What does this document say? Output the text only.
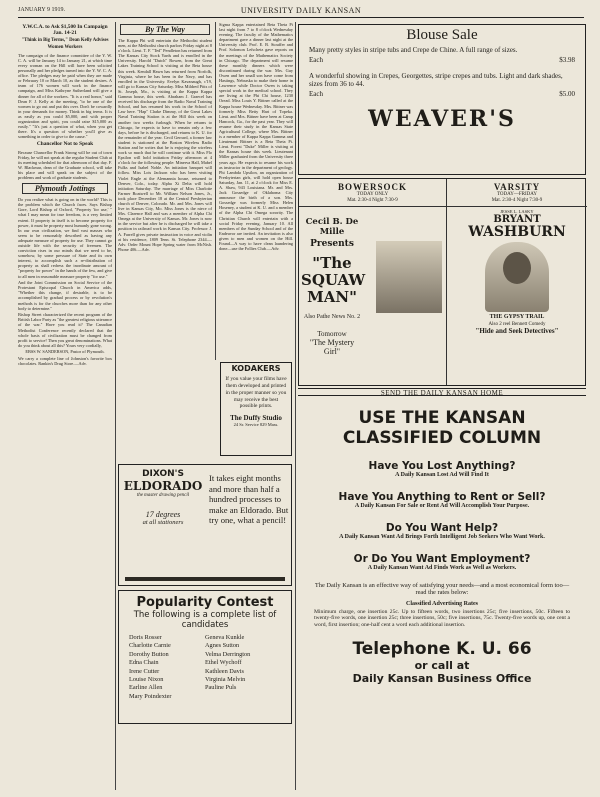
JANUARY 9 1919.	UNIVERSITY DAILY KANSAN
Y.W.C.A. to Ask $1,500 In Campaign Jan. 14-21
"Think in Big Terms," Dean Kelly Advises Women Workers

The campaign of the finance committee of the Y. W. C. A. will be January 14 to January 21, at which time every woman on the Hill will have been solicited personally and her pledges turned into the Y. W. C. A. office. The pledges may be paid when they are made or February 10 or March 10, as the student desires. A team of 176 women will work in the finance campaign, and Miss Kathryne Sutherland will give a dinner for all of the workers. "It is a real honor," said Dean F. J. Kelly at the meeting, "to be one of the women to go out and put this over. Don't be cowardly in your demands for money. Think in big terms. It is as easily as you could $5,000, and with proper organization and spirit, you could raise $15,000 as easily." "It's just a question of what, when you get there. It's a question of whether you'll give as something in order to give to the cause."

Chancellor Not to Speak

Because Chancellor Frank Strong will be out of town Friday, he will not speak at the regular Student Club at its meeting scheduled for that afternoon of that day. F. W. Blackmar, dean of the Graduate school, will take his place and will speak on the subject of the problems and work of graduate students.

Plymouth Jottings

Do you realize what is going on in the world? This is the problem which the Church faces. Says Bishop Gore, Lord Bishop of Oxford, "Property 'for use,' " what I may mean for true freedom, is a very limited extent. If property in itself is to become property for power, it must be property most humanly gone wrong. In our own civilization, we find vast masses who seem to be reasonably described as having any adequate measure of property for use. They cannot go outside life with the security of freemen. The conviction rises in our minds that we need to be, somehow, by some pressure of State and its own interest, to accomplish such a re-distribution of property as shall redress the inordinate amount of "property for power" in the hands of the few, and give to all men in reasonable measure property "for use."

And the Joint Commission on Social Service of the Protestant Episcopal Church in America adds, "Whether this change, if desirable, is to be accomplished by gradual process or by revolution's methods is for the churches more than for any other body to determine."

Bishop Street characterized the recent program of the British Labor Party as "the greatest religious utterance of the war." Have you read it? The Canadian Methodist Conference recently declared that the whole basis of civilization must be changed from profit to service! Then you great denominations. What do you think about all this? Yours very cordially,

EBSS W. SANDERSON, Pastor of Plymouth.

We carry a complete line of Johnston's favorite box chocolates. Rankin's Drug Store.—Adv.

By The Way

The Kappa Phi will entertain the Methodist student men, at the Methodist church parlors Friday night at 8 o'clock. Lieut. T. F. "Ted" Pendleton has returned from The Kansas City Stock Yards and is enrolled in the University. Harold "Dutch" Bowen, from the Great Lakes Training School is visiting at the Beta house this week. Kendall Hawn has returned from Norfolk, Virginia, where he has been in the Navy, and has enrolled in the University. Evelyn Kavanaugh, c'19, will go to Kansas City Saturday. Miss Mildred Pitts of St. Joseph, Mo., is visiting at the Kappa Kappa Gamma house, this week. Abraham J. Graecel has received his discharge from the Radio Naval Training School, and has resumed his work in the School of Law here. "Hap" Clarke Dimmy, of the Great Lakes Naval Training Station is at the Hill this week on another two weeks furlough. When he returns to Chicago, he expects to have to remain only a few days, before he is discharged, and returns to K. U. for the remainder of the year. Cecil Gerrard, a former law student is stationed at the Boston Wireless Radio Station and he writes that he is enjoying the wireless work so much that he will continue with it. Miss Flo Epsilon will hold initiation Friday afternoon at 4 o'clock for the following people: Minerva Hall, Mabel Fulks and Isabel Noble. An initiation banquet will follow. Miss Lois Jackson who has been visiting Violet Engle at the Alemannia house, returned to Denver, Colo., today. Alpha Xi Delta will hold initiation Saturday. The marriage of Miss Charlotte Farmer Boatwell to Mr. William Nelson Jones, Jr., took place December 18 at the Central Presbyterian church of Denver, Colorado. Mr. and Mrs. Jones will live in Kansas City, Mo. Miss Jones is the niece of Mrs. Clarence Hall and was a member of Alpha Chi Omega at the University of Kansas. Mr. Jones is now in the service but after he is discharged he will take a position in railroad work in Kansas City. Professor J. A. Farrell gives private instruction in voice and violin at his residence, 1809 Tenn. St. Telephone 2344.—Adv. Order Mount Hope Spring water from McNish. Phone 406.—Adv.

Sigma Kappa entertained Beta Theta Pi last night from 7 to 8 o'clock Wednesday evening. The faculty of the Mathematics department gave a dinner last night at the University club. Prof. E. B. Stouffer and Prof. Solomon Lefschetz gave reports on the meetings of the Mathematics Society in Chicago. The department will resume these monthly dinners which were discontinued during the war. Mrs. Guy Owen and her small son have come from Hastings, Nebraska to make their home in Lawrence while Doctor Owen is taking special work in the medical school. They are living at the Phi Chi house, 1230 Oread. Miss Louis Y. Bittner called at the Kappa house Wednesday. Mrs. Bittner was formerly Miss Betty Hart of Topeka. Lieut. and Mrs. Bittner have been at Camp Hancock, Ga., for the past year. They will resume their study in the Kansas State Agricultural College, where Mrs. Bittner is a member of Kappa Kappa Gamma and Lieutenant Bittner is a Beta Theta Pi. Lieut. Forest "Duke" Miller is visiting at the Kansas house this week. Lieutenant Miller graduated from the University three years ago. He expects to resume his work as instructor in the department of geology. Phi Lambda Upsilon, an organization of Presbyterian girls, will hold open house Saturday, Jan. 11, at 2 o'clock for Miss E. A. Shaw, 943 Louisiana. Mr. and Mrs. Jack Gossedge of Oklahoma City announce the birth of a son. Mrs. Gossedge was formerly Miss Helen Hoseney, a student at K. U. and a member of the Alpha Chi Omega sorority. The Christian Church will entertain with a social Friday evening, January 10. All members of the Sunday School and of the Endeavor are invited. An invitation is also given to men and women on the Hill. Found—A way to have clean laundering done—use the Follies Club.—Adv.

KODAKERS
If you value your films have them developed and printed in the proper manner so you may receive the best possible prints.
The Duffy Studio
24 Sr. Service 829 Mass.
DIXON'S
ELDORADO
the master drawing pencil
17 degrees
at all stationers
It takes eight months and more than half a hundred processes to make an Eldorado. But try one, what a pencil!
Popularity Contest
The following is a complete list of candidates
Doris Rosser	Geneva Kunkle
Charlotte Carnie	Agnes Sutton
Dorothy Button	Velma Derrington
Edna Chain	Ethel Wychoff
Irene Cutter	Kathleen Davis
Louise Nixon	Virginia Melvin
Earline Allen	Pauline Puls
Mary Poindexter
Blouse Sale
Many pretty styles in stripe tubs and Crepe de Chine. A full range of sizes.
Each	$3.98
A wonderful showing in Crepes, Georgettes, stripe crepes and tubs. Light and dark shades, sizes from 36 to 44.
Each	$5.00
WEAVER'S
BOWERSOCK
TODAY ONLY
Mat. 2:30-4 Night 7:30-9
Cecil B. De Mille
Presents
"The SQUAW MAN"
Also Pathe News No. 2
Tomorrow
"The Mystery Girl"
VARSITY
TODAY—FRIDAY
Mat. 2:30-4 Night 7:30-9
JESSE L. LASKY
BRYANT
WASHBURN
THE GYPSY TRAIL
Also 2 reel Bennett Comedy
"Hide and Seek Detectives"
SEND THE DAILY KANSAN HOME
USE THE KANSAN
CLASSIFIED COLUMN
Have You Lost Anything?
A Daily Kansan Lost Ad Will Find It
Have You Anything to Rent or Sell?
A Daily Kansan For Sale or Rent Ad Will Accomplish Your Purpose.
Do You Want Help?
A Daily Kansan Want Ad Brings Forth Intelligent Job Seekers Who Want Work.
Or Do You Want Employment?
A Daily Kansan Want Ad Finds Work as Well as Workers.
The Daily Kansan is an effective way of satisfying your needs—and a most economical form too—read the rates below:
Classified Advertising Rates
Minimum charge, one insertion 25c. Up to fifteen words, two insertions 25c; five insertions, 50c. Fifteen to twenty-five words, one insertion 25c; three insertions, 50c; five insertions, 75c. Twenty-five words up, one cent a word, first insertion; one-half cent a word each additional insertion.
Telephone K. U. 66
or call at
Daily Kansan Business Office
